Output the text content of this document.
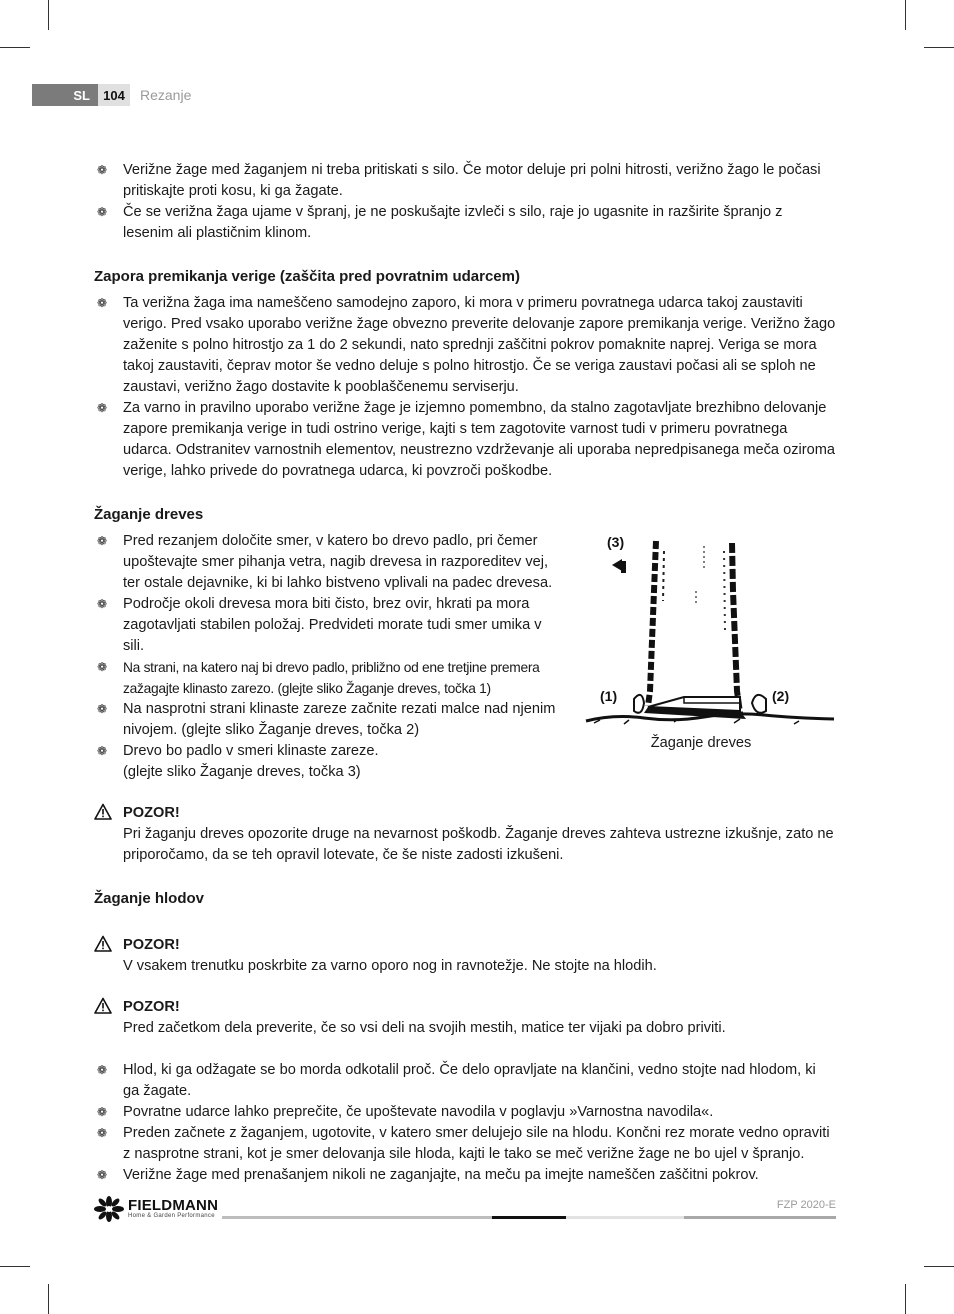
SL	104	Rezanje
❁ Verižne žage med žaganjem ni treba pritiskati s silo. Če motor deluje pri polni hitrosti, verižno žago le počasi pritiskajte proti kosu, ki ga žagate.
❁ Če se verižna žaga ujame v špranj, je ne poskušajte izvleči s silo, raje jo ugasnite in razširite špranjo z lesenim ali plastičnim klinom.
Zapora premikanja verige (zaščita pred povratnim udarcem)
❁ Ta verižna žaga ima nameščeno samodejno zaporo, ki mora v primeru povratnega udarca takoj zaustaviti verigo. Pred vsako uporabo verižne žage obvezno preverite delovanje zapore premikanja verige. Verižno žago zaženite s polno hitrostjo za 1 do 2 sekundi, nato sprednji zaščitni pokrov pomaknite naprej. Veriga se mora takoj zaustaviti, čeprav motor še vedno deluje s polno hitrostjo. Če se veriga zaustavi počasi ali se sploh ne zaustavi, verižno žago dostavite k pooblaščenemu serviserju.
❁ Za varno in pravilno uporabo verižne žage je izjemno pomembno, da stalno zagotavljate brezhibno delovanje zapore premikanja verige in tudi ostrino verige, kajti s tem zagotovite varnost tudi v primeru povratnega udarca. Odstranitev varnostnih elementov, neustrezno vzdrževanje ali uporaba nepredpisanega meča oziroma verige, lahko privede do povratnega udarca, ki povzroči poškodbe.
Žaganje dreves
❁ Pred rezanjem določite smer, v katero bo drevo padlo, pri čemer upoštevajte smer pihanja vetra, nagib drevesa in razporeditev vej, ter ostale dejavnike, ki bi lahko bistveno vplivali na padec drevesa.
❁ Področje okoli drevesa mora biti čisto, brez ovir, hkrati pa mora zagotavljati stabilen položaj. Predvideti morate tudi smer umika v sili.
❁ Na strani, na katero naj bi drevo padlo, približno od ene tretjine premera zažagajte klinasto zarezo. (glejte sliko Žaganje dreves, točka 1)
❁ Na nasprotni strani klinaste zareze začnite rezati malce nad njenim nivojem. (glejte sliko Žaganje dreves, točka 2)
❁ Drevo bo padlo v smeri klinaste zareze.
(glejte sliko Žaganje dreves, točka 3)
(3)
(1)	(2)
Žaganje dreves
POZOR!
Pri žaganju dreves opozorite druge na nevarnost poškodb. Žaganje dreves zahteva ustrezne izkušnje, zato ne priporočamo, da se teh opravil lotevate, če še niste zadosti izkušeni.
Žaganje hlodov
POZOR!
V vsakem trenutku poskrbite za varno oporo nog in ravnotežje. Ne stojte na hlodih.
POZOR!
Pred začetkom dela preverite, če so vsi deli na svojih mestih, matice ter vijaki pa dobro priviti.
❁ Hlod, ki ga odžagate se bo morda odkotalil proč. Če delo opravljate na klančini, vedno stojte nad hlodom, ki ga žagate.
❁ Povratne udarce lahko preprečite, če upoštevate navodila v poglavju »Varnostna navodila«.
❁ Preden začnete z žaganjem, ugotovite, v katero smer delujejo sile na hlodu. Končni rez morate vedno opraviti z nasprotne strani, kot je smer delovanja sile hloda, kajti le tako se meč verižne žage ne bo ujel v špranjo.
❁ Verižne žage med prenašanjem nikoli ne zaganjajte, na meču pa imejte nameščen zaščitni pokrov.
FIELDMANN
Home & Garden Performance
FZP 2020-E
